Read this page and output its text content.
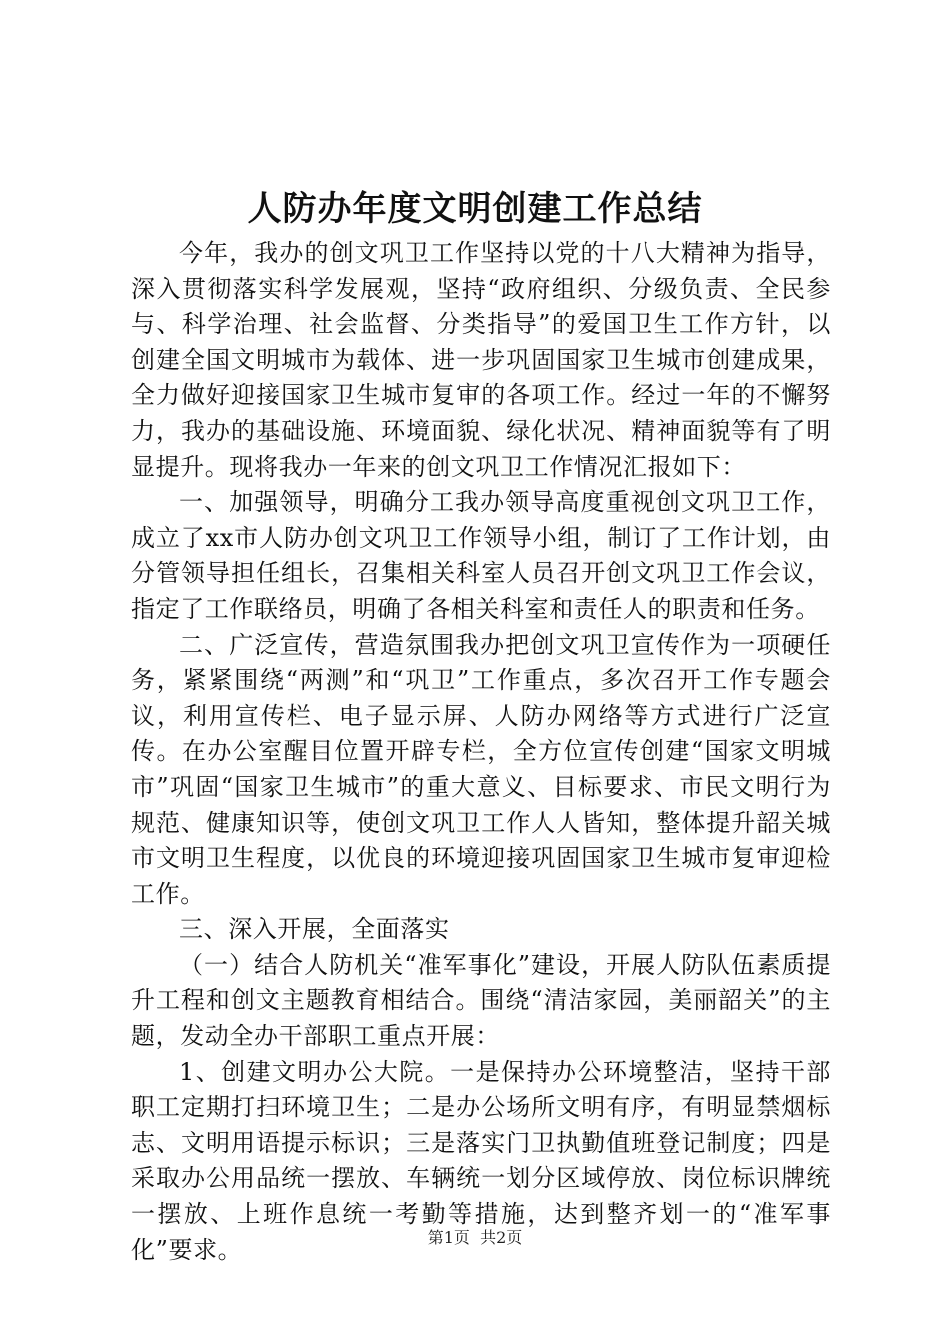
人防办年度文明创建工作总结

今年，我办的创文巩卫工作坚持以党的十八大精神为指导，深入贯彻落实科学发展观，坚持“政府组织、分级负责、全民参与、科学治理、社会监督、分类指导”的爱国卫生工作方针，以创建全国文明城市为载体、进一步巩固国家卫生城市创建成果，全力做好迎接国家卫生城市复审的各项工作。经过一年的不懈努力，我办的基础设施、环境面貌、绿化状况、精神面貌等有了明显提升。现将我办一年来的创文巩卫工作情况汇报如下：

一、加强领导，明确分工我办领导高度重视创文巩卫工作，成立了xx市人防办创文巩卫工作领导小组，制订了工作计划，由分管领导担任组长，召集相关科室人员召开创文巩卫工作会议，指定了工作联络员，明确了各相关科室和责任人的职责和任务。

二、广泛宣传，营造氛围我办把创文巩卫宣传作为一项硬任务，紧紧围绕“两测”和“巩卫”工作重点，多次召开工作专题会议，利用宣传栏、电子显示屏、人防办网络等方式进行广泛宣传。在办公室醒目位置开辟专栏，全方位宣传创建“国家文明城市”巩固“国家卫生城市”的重大意义、目标要求、市民文明行为规范、健康知识等，使创文巩卫工作人人皆知，整体提升韶关城市文明卫生程度，以优良的环境迎接巩固国家卫生城市复审迎检工作。

三、深入开展，全面落实

（一）结合人防机关“准军事化”建设，开展人防队伍素质提升工程和创文主题教育相结合。围绕“清洁家园，美丽韶关”的主题，发动全办干部职工重点开展：

1、创建文明办公大院。一是保持办公环境整洁，坚持干部职工定期打扫环境卫生；二是办公场所文明有序，有明显禁烟标志、文明用语提示标识；三是落实门卫执勤值班登记制度；四是采取办公用品统一摆放、车辆统一划分区域停放、岗位标识牌统一摆放、上班作息统一考勤等措施，达到整齐划一的“准军事化”要求。	第1页 共2页
